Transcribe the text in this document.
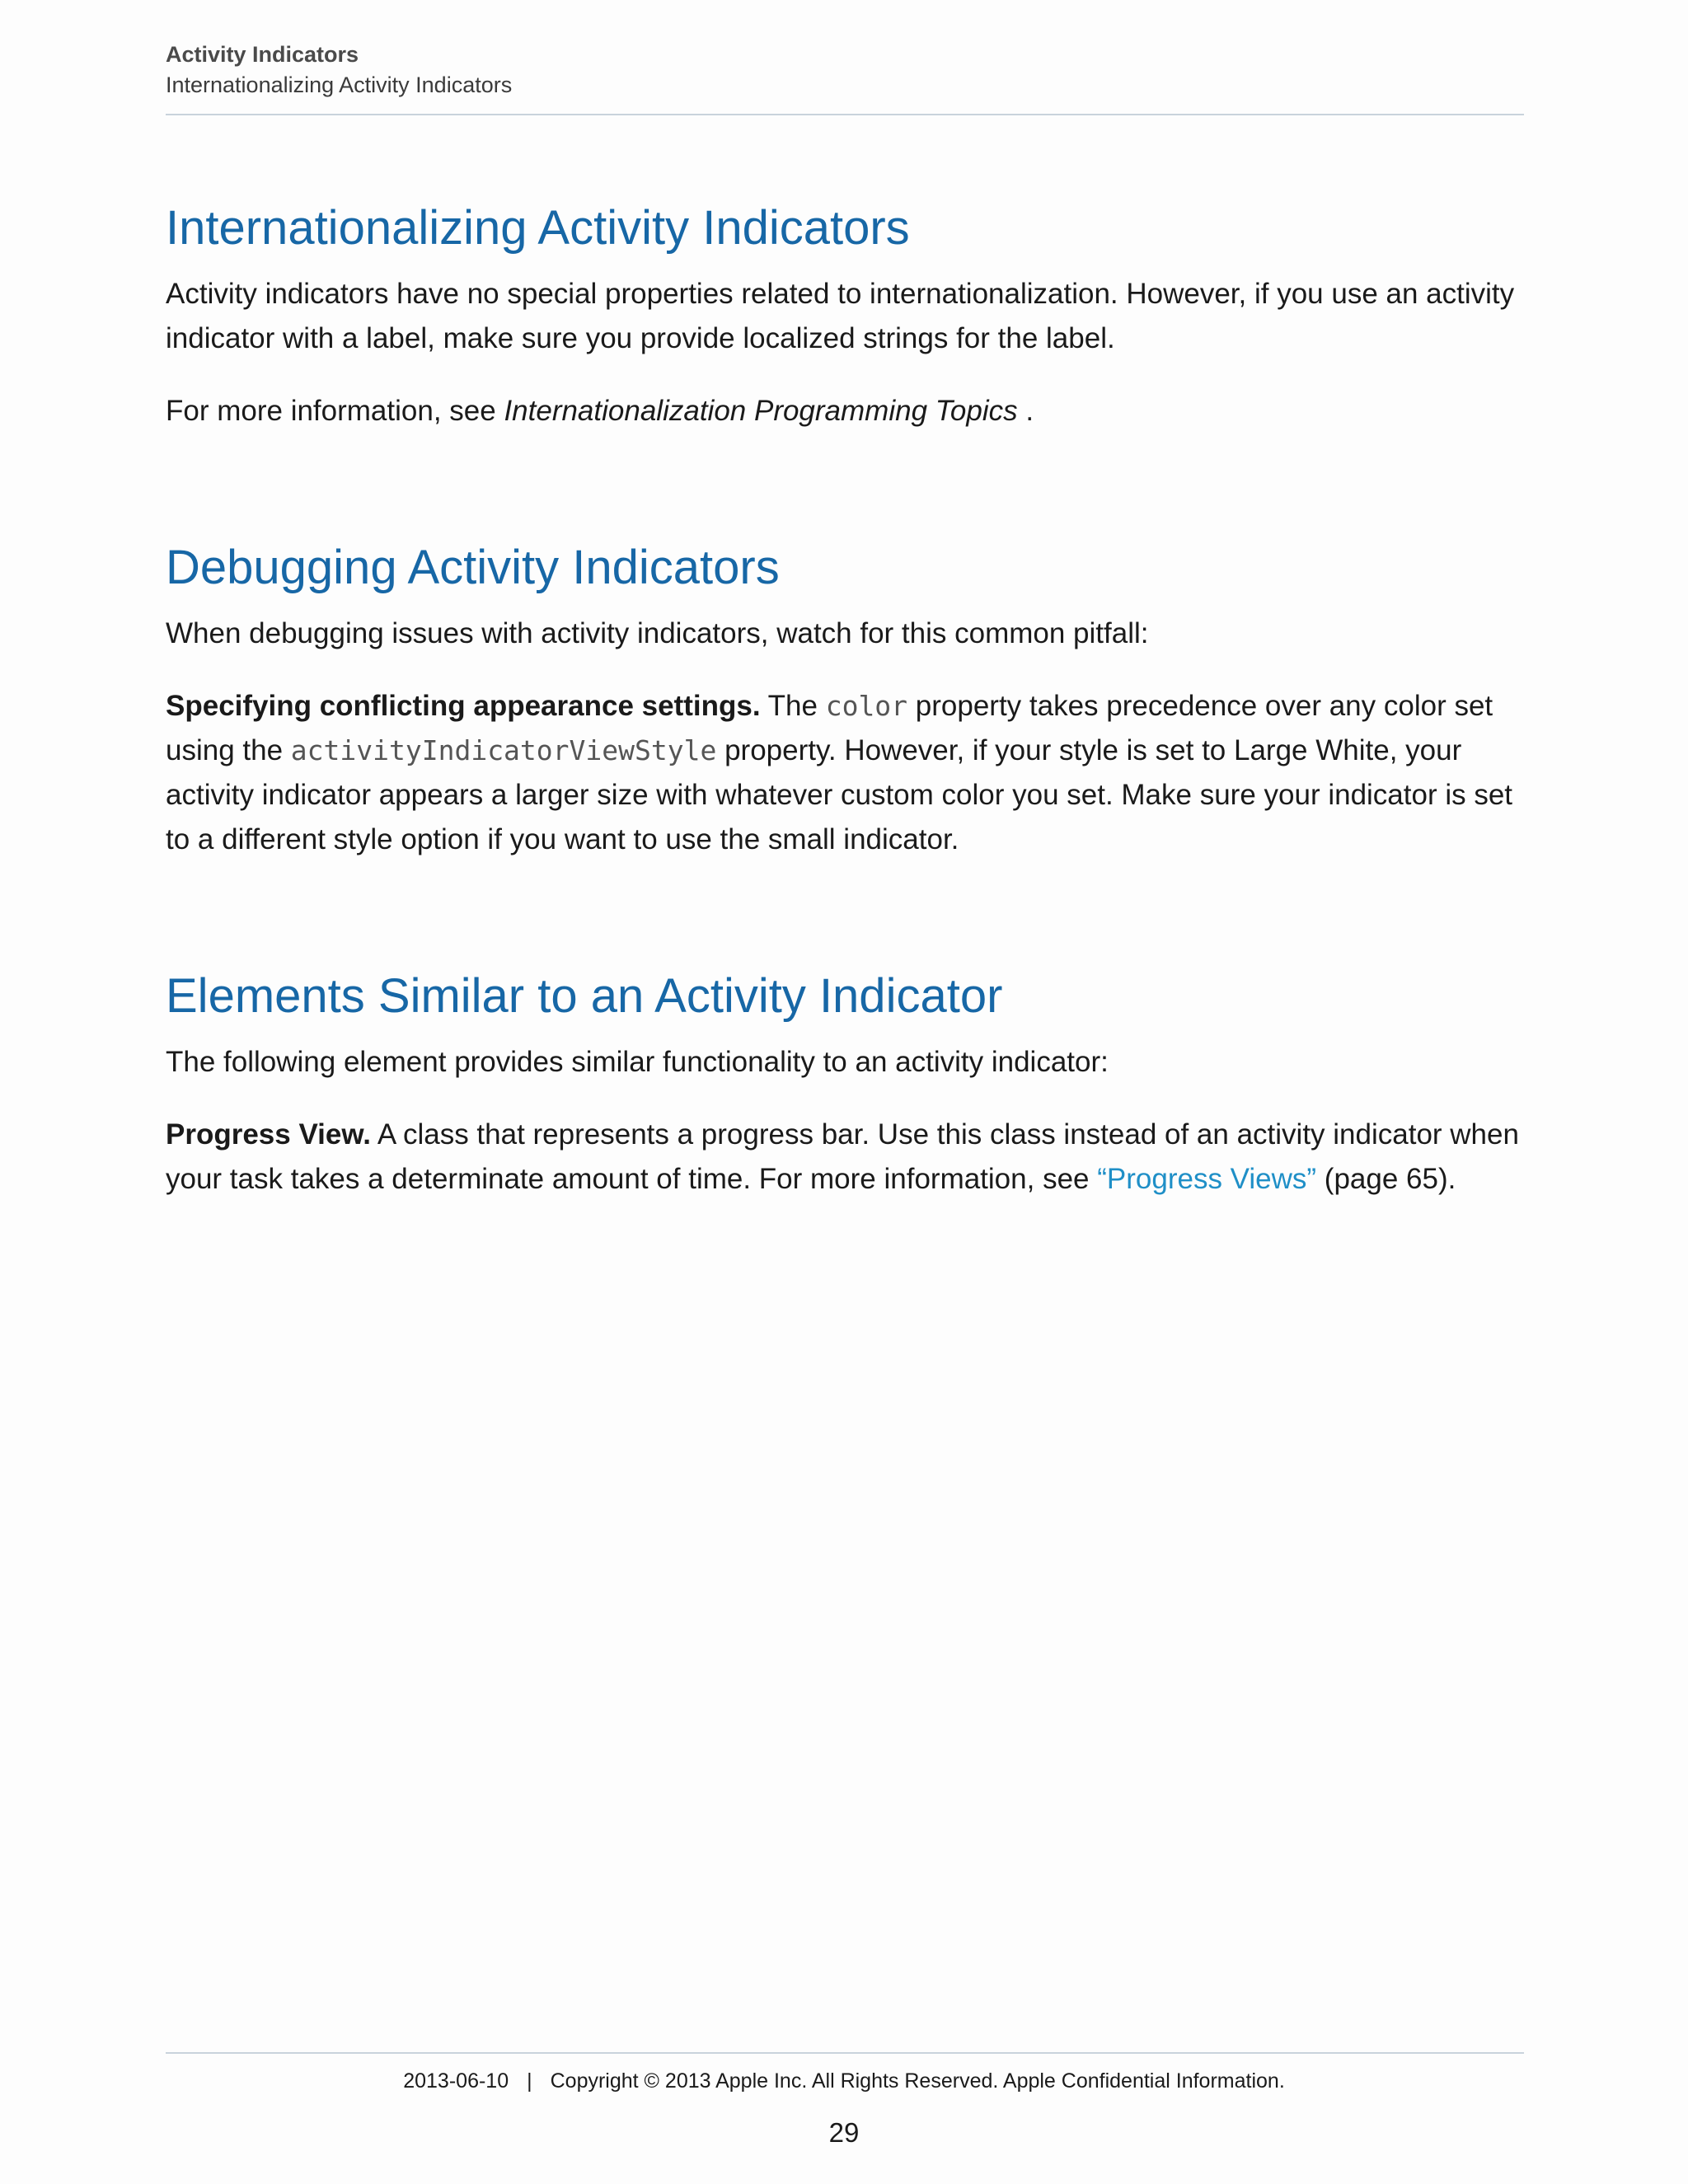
Activity Indicators
Internationalizing Activity Indicators
Internationalizing Activity Indicators

Activity indicators have no special properties related to internationalization. However, if you use an activity indicator with a label, make sure you provide localized strings for the label.

For more information, see Internationalization Programming Topics .

Debugging Activity Indicators

When debugging issues with activity indicators, watch for this common pitfall:

Specifying conflicting appearance settings. The color property takes precedence over any color set using the activityIndicatorViewStyle property. However, if your style is set to Large White, your activity indicator appears a larger size with whatever custom color you set. Make sure your indicator is set to a different style option if you want to use the small indicator.

Elements Similar to an Activity Indicator

The following element provides similar functionality to an activity indicator:

Progress View. A class that represents a progress bar. Use this class instead of an activity indicator when your task takes a determinate amount of time. For more information, see “Progress Views” (page 65).

2013-06-10 | Copyright © 2013 Apple Inc. All Rights Reserved. Apple Confidential Information.
29
